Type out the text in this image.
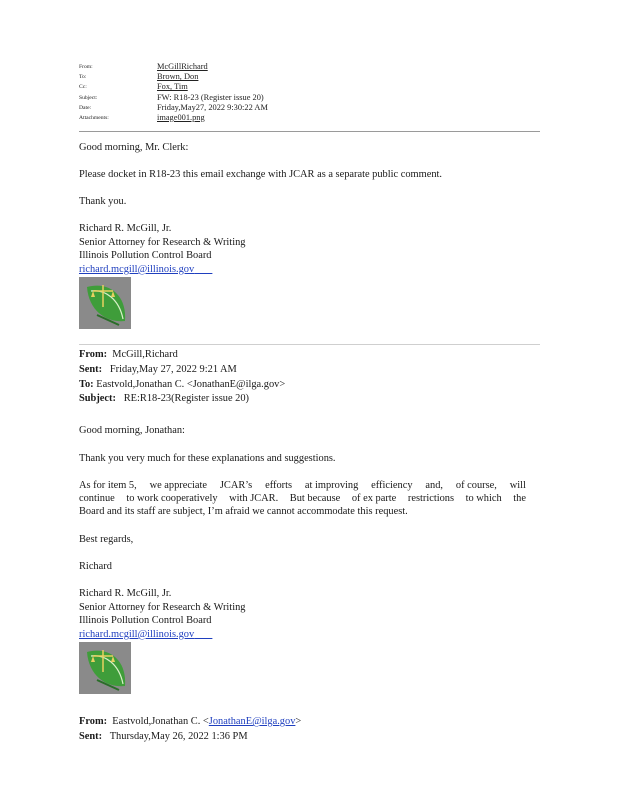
From:	McGillRichard
To:	Brown, Don
Cc:	Fox, Tim
Subject:	FW: R18-23 (Register issue 20)
Date:	Friday,May27, 2022 9:30:22 AM
Attachments:	image001.png
Good morning, Mr. Clerk:
Please docket in R18-23 this email exchange with JCAR as a separate public comment.
Thank you.
Richard R. McGill, Jr.
Senior Attorney for Research & Writing
Illinois Pollution Control Board
richard.mcgill@illinois.gov
From: McGill,Richard
Sent: Friday,May 27, 2022 9:21 AM
To: Eastvold,Jonathan C. <JonathanE@ilga.gov>
Subject: RE:R18-23(Register issue 20)
Good morning, Jonathan:
Thank you very much for these explanations and suggestions.
As for item 5, we appreciate JCAR’s efforts at improving efficiency and, of course, will
continue to work cooperatively with JCAR. But because of ex parte restrictions to which the
Board and its staff are subject, I’m afraid we cannot accommodate this request.
Best regards,
Richard
Richard R. McGill, Jr.
Senior Attorney for Research & Writing
Illinois Pollution Control Board
richard.mcgill@illinois.gov
From: Eastvold,Jonathan C. <JonathanE@ilga.gov>
Sent: Thursday,May 26, 2022 1:36 PM
